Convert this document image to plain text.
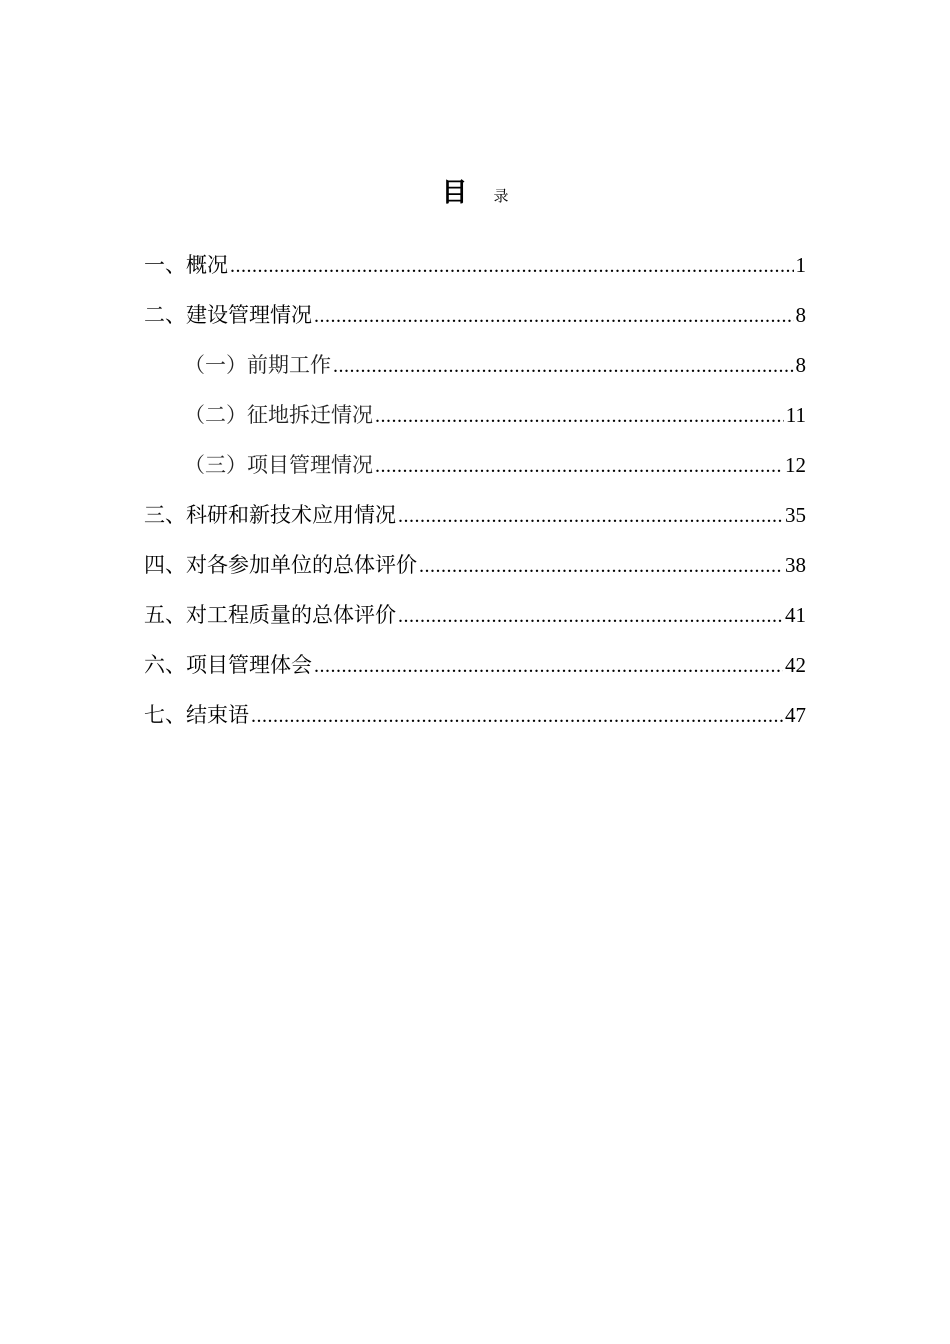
目 录
一、概况 .....	1
二、建设管理情况 .....	8
（一）前期工作 .....	8
（二）征地拆迁情况 .....	11
（三）项目管理情况 .....	12
三、科研和新技术应用情况 .....	35
四、对各参加单位的总体评价 .....	38
五、对工程质量的总体评价 .....	41
六、项目管理体会 .....	42
七、结束语 .....	47
